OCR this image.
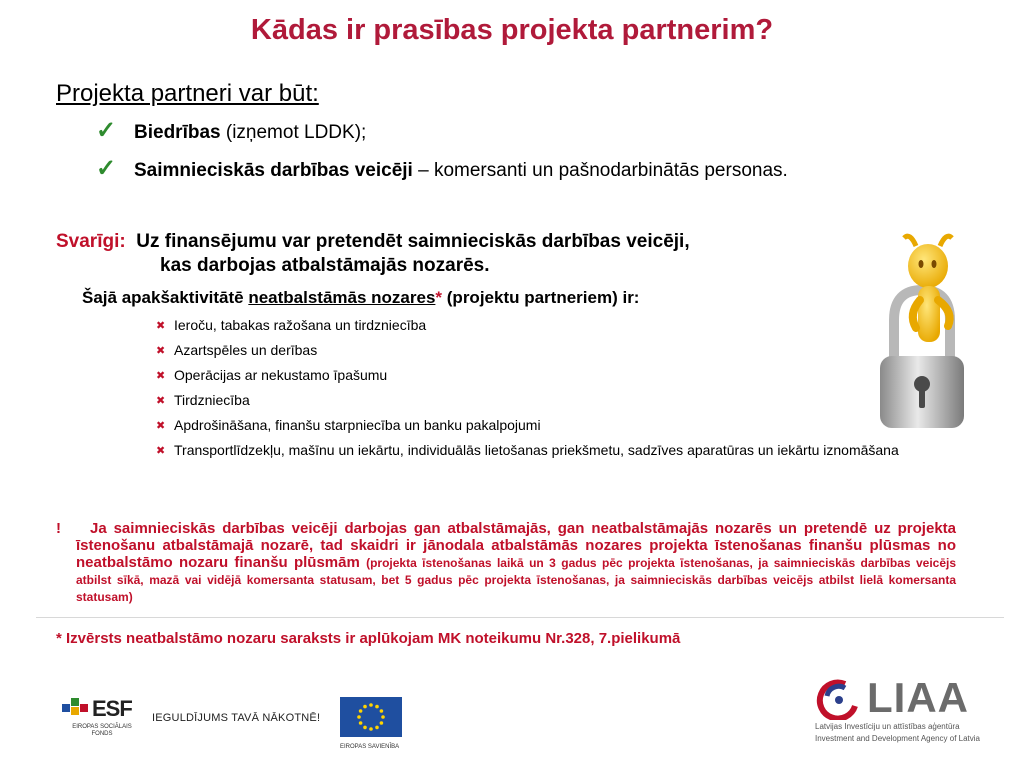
Kādas ir prasības projekta partnerim?
Projekta partneri var būt:
✓ Biedrības (izņemot LDDK);
✓ Saimnieciskās darbības veicēji – komersanti un pašnodarbinātās personas.
Svarīgi: Uz finansējumu var pretendēt saimnieciskās darbības veicēji,
kas darbojas atbalstāmajās nozarēs.
Šajā apakšaktivitātē neatbalstāmās nozares* (projektu partneriem) ir:
✖ Ieroču, tabakas ražošana un tirdzniecība
✖ Azartspēles un derības
✖ Operācijas ar nekustamo īpašumu
✖ Tirdzniecība
✖ Apdrošināšana, finanšu starpniecība un banku pakalpojumi
✖ Transportlīdzekļu, mašīnu un iekārtu, individuālās lietošanas priekšmetu, sadzīves aparatūras un iekārtu iznomāšana
!	Ja saimnieciskās darbības veicēji darbojas gan atbalstāmajās, gan neatbalstāmajās nozarēs un pretendē uz projekta īstenošanu atbalstāmajā nozarē, tad skaidri ir jānodala atbalstāmās nozares projekta īstenošanas finanšu plūsmas no neatbalstāmo nozaru finanšu plūsmām (projekta īstenošanas laikā un 3 gadus pēc projekta īstenošanas, ja saimnieciskās darbības veicējs atbilst sīkā, mazā vai vidējā komersanta statusam, bet 5 gadus pēc projekta īstenošanas, ja saimnieciskās darbības veicējs atbilst lielā komersanta statusam)
* Izvērsts neatbalstāmo nozaru saraksts ir aplūkojam MK noteikumu Nr.328, 7.pielikumā
ESF
EIROPAS SOCIĀLAIS FONDS
IEGULDĪJUMS TAVĀ NĀKOTNĒ!
EIROPAS SAVIENĪBA
LIAA
Latvijas Investīciju un attīstības aģentūra
Investment and Development Agency of Latvia
